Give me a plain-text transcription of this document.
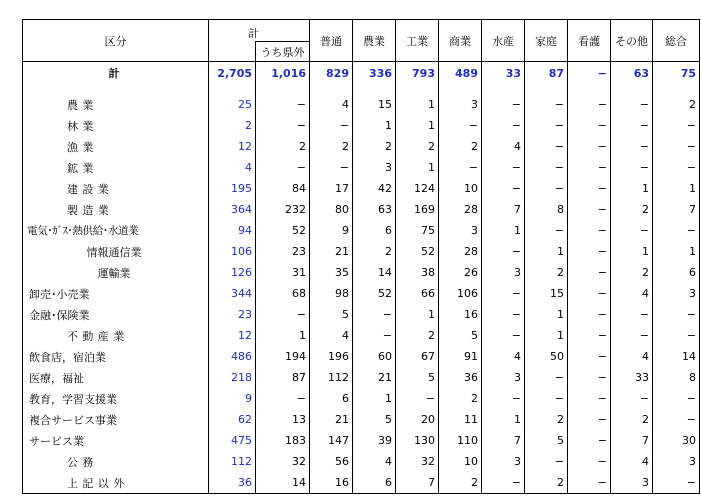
区分	計		普通	農業	工業	商業	水産	家庭	看護	その他	総合
		うち県外									
計	2,705	1,016	829	336	793	489	33	87	−	63	75

農業	25	−	4	15	1	3	−	−	−	−	2
林業	2	−	−	1	1	−	−	−	−	−	−
漁業	12	2	2	2	2	2	4	−	−	−	−
鉱業	4	−	−	3	1	−	−	−	−	−	−
建設業	195	84	17	42	124	10	−	−	−	1	1
製造業	364	232	80	63	169	28	7	8	−	2	7
電気･ｶﾞｽ･熱供給･水道業	94	52	9	6	75	3	1	−	−	−	−
情報通信業	106	23	21	2	52	28	−	1	−	1	1
運輸業	126	31	35	14	38	26	3	2	−	2	6
卸売･小売業	344	68	98	52	66	106	−	15	−	4	3
金融･保険業	23	−	5	−	1	16	−	1	−	−	−
不動産業	12	1	4	−	2	5	−	1	−	−	−
飲食店，宿泊業	486	194	196	60	67	91	4	50	−	4	14
医療，福祉	218	87	112	21	5	36	3	−	−	33	8
教育，学習支援業	9	−	6	1	−	2	−	−	−	−	−
複合サービス事業	62	13	21	5	20	11	1	2	−	2	−
サービス業	475	183	147	39	130	110	7	5	−	7	30
公務	112	32	56	4	32	10	3	−	−	4	3
上記以外	36	14	16	6	7	2	−	2	−	3	−
